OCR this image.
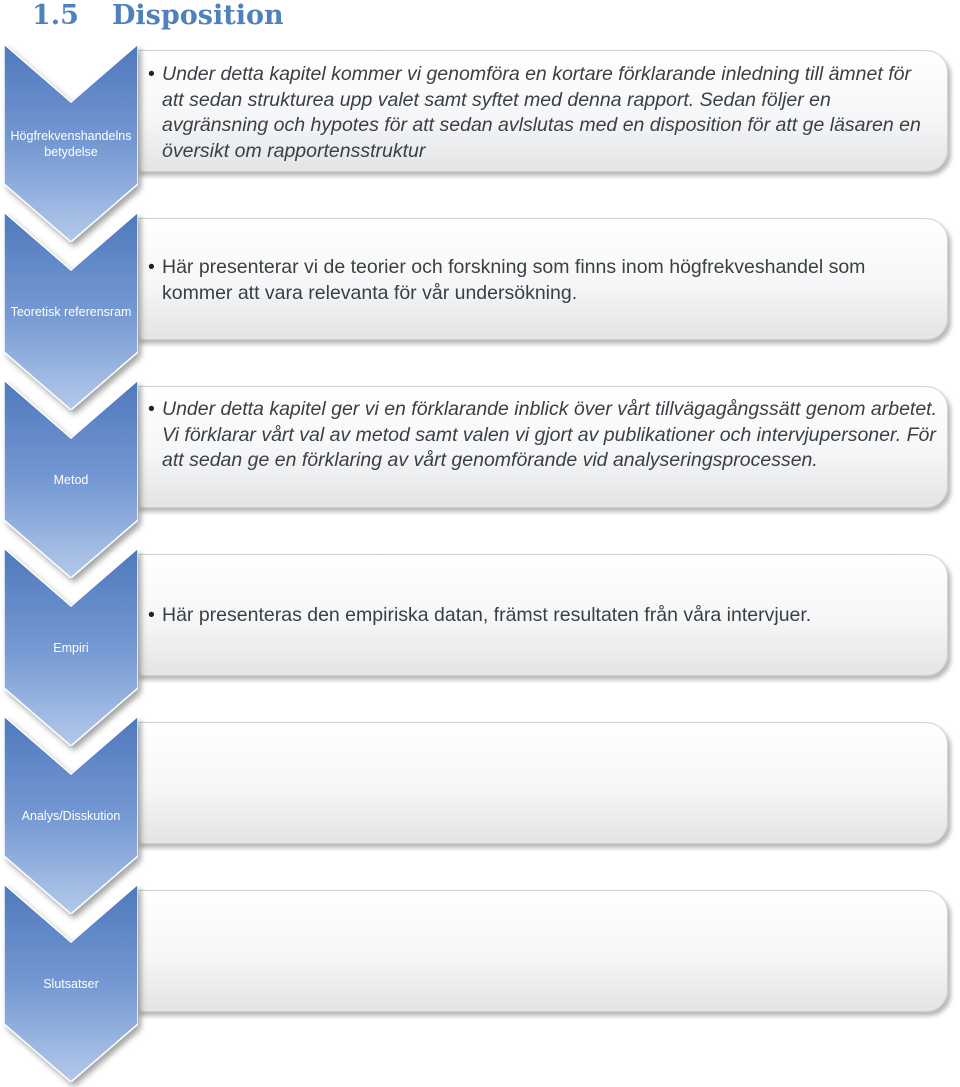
1.5 Disposition
Högfrekvenshandelns betydelse
• Under detta kapitel kommer vi genomföra en kortare förklarande inledning till ämnet för att sedan strukturea upp valet samt syftet med denna rapport. Sedan följer en avgränsning och hypotes för att sedan avlslutas med en disposition för att ge läsaren en översikt om rapportensstruktur
Teoretisk referensram
• Här presenterar vi de teorier och forskning som finns inom högfrekveshandel som kommer att vara relevanta för vår undersökning.
Metod
• Under detta kapitel ger vi en förklarande inblick över vårt tillvägagångssätt genom arbetet. Vi förklarar vårt val av metod samt valen vi gjort av publikationer och intervjupersoner. För att sedan ge en förklaring av vårt genomförande vid analyseringsprocessen.
Empiri
• Här presenteras den empiriska datan, främst resultaten från våra intervjuer.
Analys/Disskution
Slutsatser
